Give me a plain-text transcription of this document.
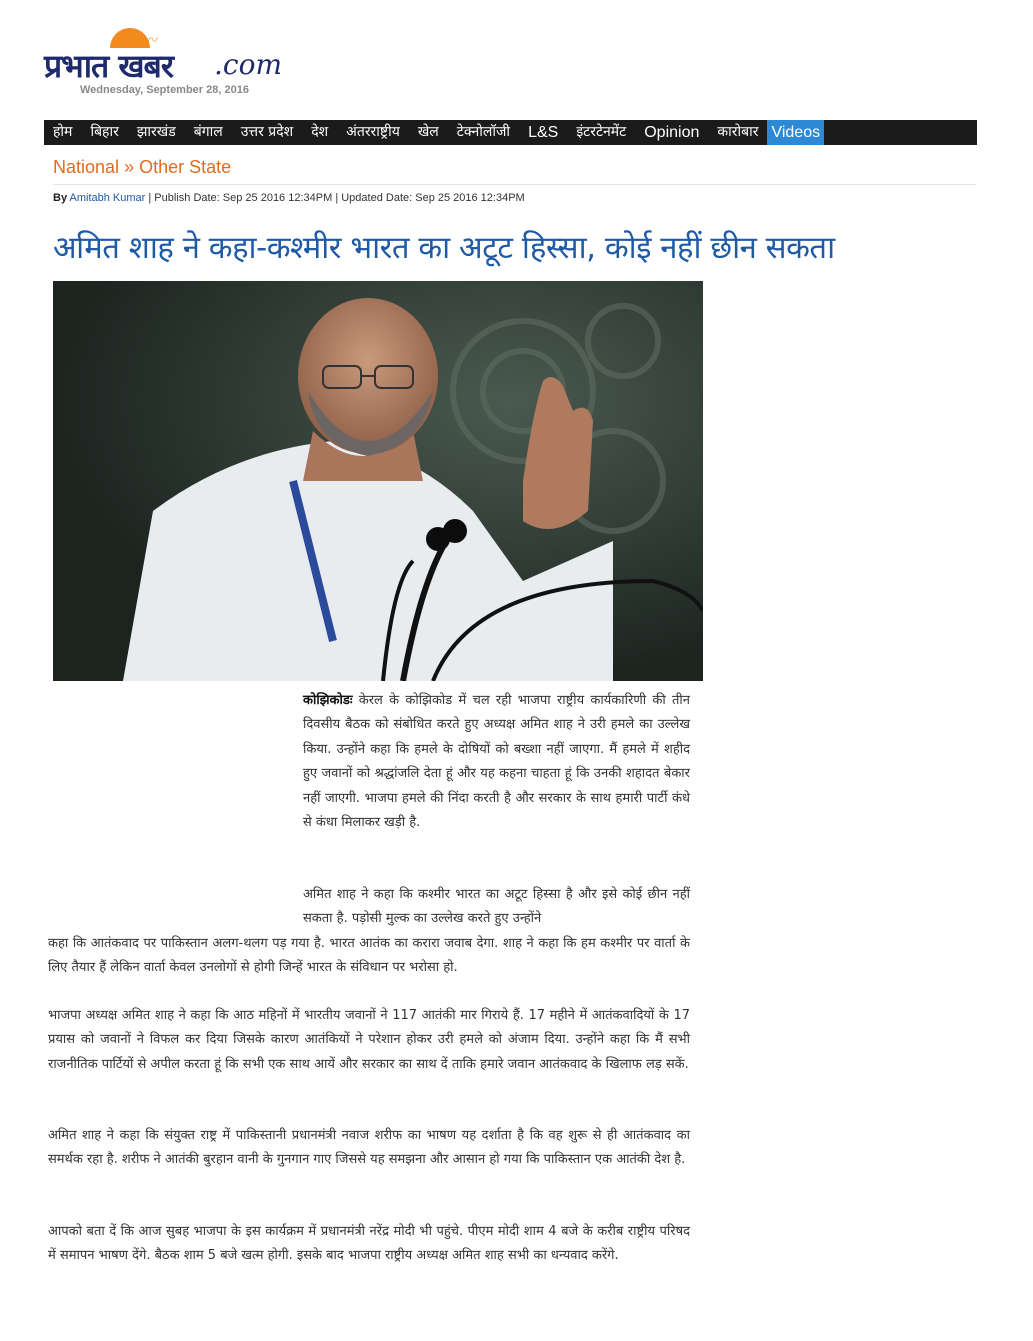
〰
प्रभात खबर .com
Wednesday, September 28, 2016
होम	बिहार	झारखंड	बंगाल	उत्तर प्रदेश	देश	अंतरराष्ट्रीय	खेल	टेक्नोलॉजी	L&S	इंटरटेनमेंट	Opinion	कारोबार Videos
National » Other State
By Amitabh Kumar | Publish Date: Sep 25 2016 12:34PM | Updated Date: Sep 25 2016 12:34PM
अमित शाह ने कहा-कश्मीर भारत का अटूट हिस्सा, कोई नहीं छीन सकता
कोझिकोडः केरल के कोझिकोड में चल रही भाजपा राष्ट्रीय कार्यकारिणी की तीन दिवसीय बैठक को संबोधित करते हुए अध्यक्ष अमित शाह ने उरी हमले का उल्लेख किया. उन्होंने कहा कि हमले के दोषियों को बख्शा नहीं जाएगा. मैं हमले में शहीद हुए जवानों को श्रद्धांजलि देता हूं और यह कहना चाहता हूं कि उनकी शहादत बेकार नहीं जाएगी. भाजपा हमले की निंदा करती है और सरकार के साथ हमारी पार्टी कंधे से कंधा मिलाकर खड़ी है.
अमित शाह ने कहा कि कश्मीर भारत का अटूट हिस्सा है और इसे कोई छीन नहीं सकता है. पड़ोसी मुल्क का उल्लेख करते हुए उन्होंने
कहा कि आतंकवाद पर पाकिस्तान अलग-थलग पड़ गया है. भारत आतंक का करारा जवाब देगा. शाह ने कहा कि हम कश्मीर पर वार्ता के लिए तैयार हैं लेकिन वार्ता केवल उनलोगों से होगी जिन्हें भारत के संविधान पर भरोसा हो.
भाजपा अध्यक्ष अमित शाह ने कहा कि आठ महिनों में भारतीय जवानों ने 117 आतंकी मार गिराये हैं. 17 महीने में आतंकवादियों के 17 प्रयास को जवानों ने विफल कर दिया जिसके कारण आतंकियों ने परेशान होकर उरी हमले को अंजाम दिया. उन्होंने कहा कि मैं सभी राजनीतिक पार्टियों से अपील करता हूं कि सभी एक साथ आयें और सरकार का साथ दें ताकि हमारे जवान आतंकवाद के खिलाफ लड़ सकें.
अमित शाह ने कहा कि संयुक्त राष्ट्र में पाकिस्तानी प्रधानमंत्री नवाज शरीफ का भाषण यह दर्शाता है कि वह शुरू से ही आतंकवाद का समर्थक रहा है. शरीफ ने आतंकी बुरहान वानी के गुनगान गाए जिससे यह समझना और आसान हो गया कि पाकिस्तान एक आतंकी देश है.
आपको बता दें कि आज सुबह भाजपा के इस कार्यक्रम में प्रधानमंत्री नरेंद्र मोदी भी पहुंचे. पीएम मोदी शाम 4 बजे के करीब राष्ट्रीय परिषद में समापन भाषण देंगे. बैठक शाम 5 बजे खत्म होगी. इसके बाद भाजपा राष्ट्रीय अध्यक्ष अमित शाह सभी का धन्यवाद करेंगे.
